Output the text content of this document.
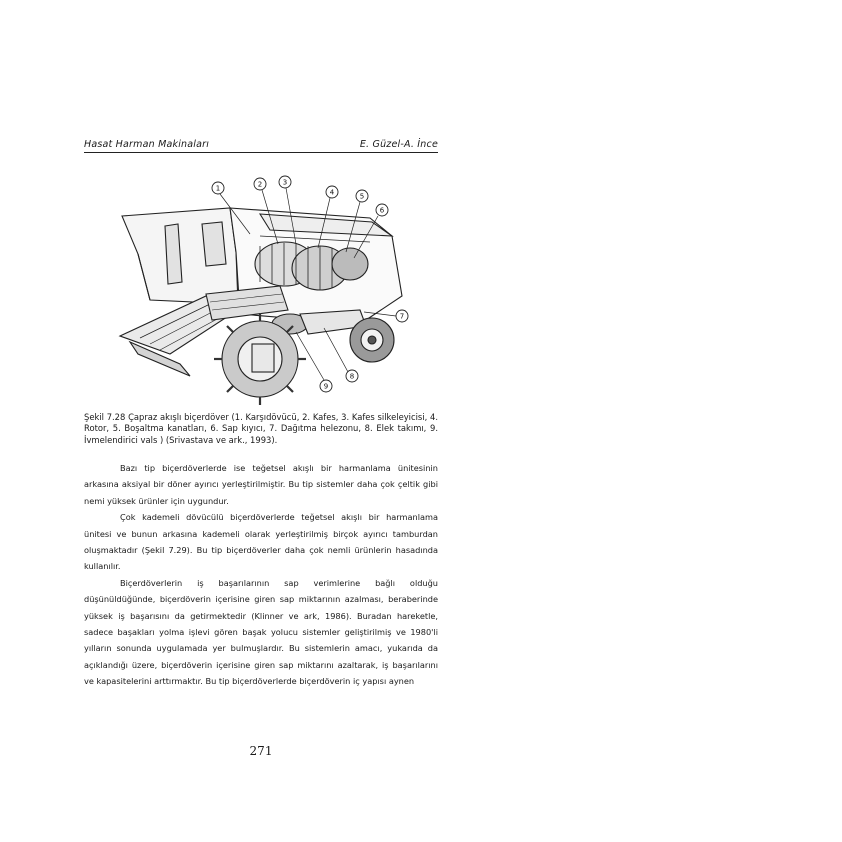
Hasat Harman Makinaları	E. Güzel-A. İnce
1	2	3
4	5
6
7
8
9
Şekil 7.28 Çapraz akışlı biçerdöver (1. Karşıdövücü, 2. Kafes, 3. Kafes silkeleyicisi, 4. Rotor, 5. Boşaltma kanatları, 6. Sap kıyıcı, 7. Dağıtma helezonu, 8. Elek takımı, 9. İvmelendirici vals ) (Srivastava ve ark., 1993).

Bazı tip biçerdöverlerde ise teğetsel akışlı bir harmanlama ünitesinin arkasına aksiyal bir döner ayırıcı yerleştirilmiştir. Bu tip sistemler daha çok çeltik gibi nemi yüksek ürünler için uygundur.

Çok kademeli dövücülü biçerdöverlerde teğetsel akışlı bir harmanlama ünitesi ve bunun arkasına kademeli olarak yerleştirilmiş birçok ayırıcı tamburdan oluşmaktadır (Şekil 7.29). Bu tip biçerdöverler daha çok nemli ürünlerin hasadında kullanılır.

Biçerdöverlerin iş başarılarının sap verimlerine bağlı olduğu düşünüldüğünde, biçerdöverin içerisine giren sap miktarının azalması, beraberinde yüksek iş başarısını da getirmektedir (Klinner ve ark, 1986). Buradan hareketle, sadece başakları yolma işlevi gören başak yolucu sistemler geliştirilmiş ve 1980'li yılların sonunda uygulamada yer bulmuşlardır. Bu sistemlerin amacı, yukarıda da açıklandığı üzere, biçerdöverin içerisine giren sap miktarını azaltarak, iş başarılarını ve kapasitelerini arttırmaktır. Bu tip biçerdöverlerde biçerdöverin iç yapısı aynen

271
